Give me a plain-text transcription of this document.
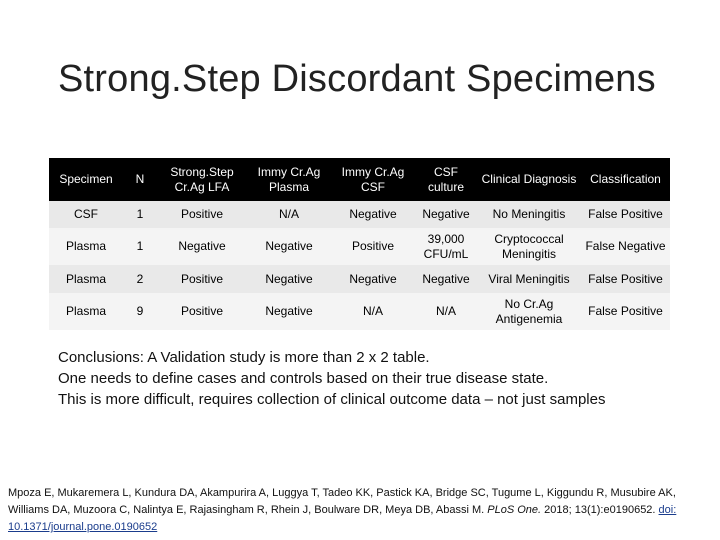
Strong.Step Discordant Specimens
Specimen	N	Strong.Step Cr.Ag LFA	Immy Cr.Ag Plasma	Immy Cr.Ag CSF	CSF culture	Clinical Diagnosis	Classification
CSF	1	Positive	N/A	Negative	Negative	No Meningitis	False Positive
Plasma	1	Negative	Negative	Positive	39,000 CFU/mL	Cryptococcal Meningitis	False Negative
Plasma	2	Positive	Negative	Negative	Negative	Viral Meningitis	False Positive
Plasma	9	Positive	Negative	N/A	N/A	No Cr.Ag Antigenemia	False Positive
Conclusions: A Validation study is more than 2 x 2 table.
One needs to define cases and controls based on their true disease state.
This is more difficult, requires collection of clinical outcome data – not just samples
Mpoza E, Mukaremera L, Kundura DA, Akampurira A, Luggya T, Tadeo KK, Pastick KA, Bridge SC, Tugume L, Kiggundu R, Musubire AK, Williams DA, Muzoora C, Nalintya E, Rajasingham R, Rhein J, Boulware DR, Meya DB, Abassi M. PLoS One. 2018; 13(1):e0190652. doi: 10.1371/journal.pone.0190652
